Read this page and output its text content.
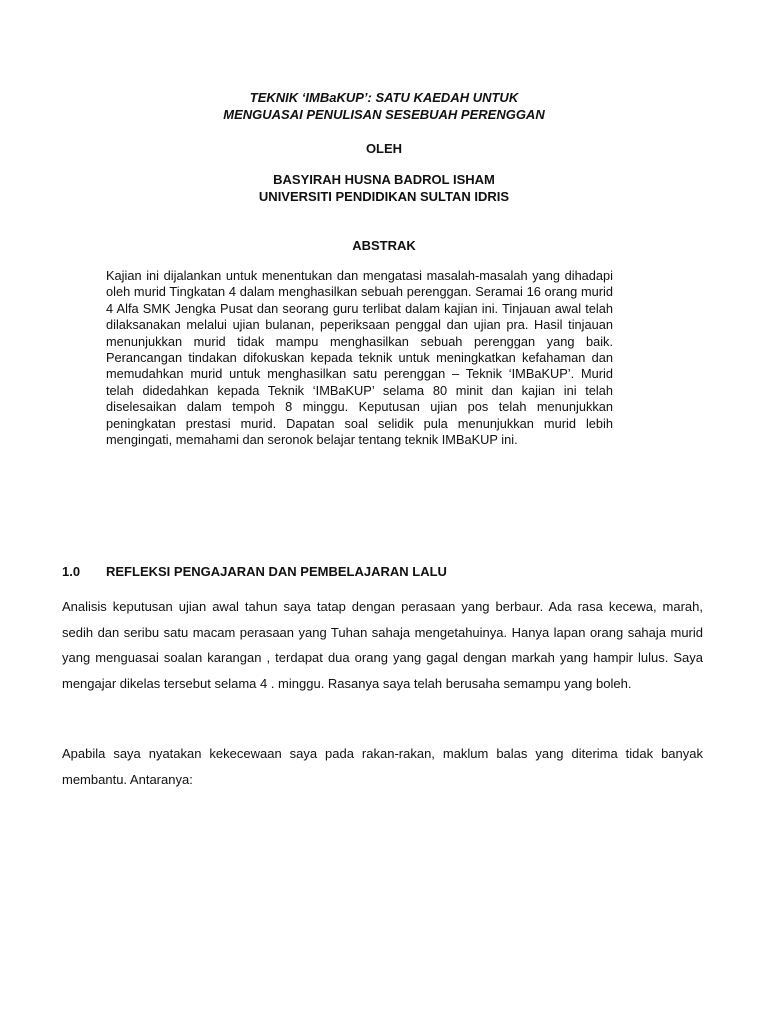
TEKNIK ‘IMBaKUP’: SATU KAEDAH UNTUK
MENGUASAI PENULISAN SESEBUAH PERENGGAN
OLEH
BASYIRAH HUSNA BADROL ISHAM
UNIVERSITI PENDIDIKAN SULTAN IDRIS
ABSTRAK

Kajian ini dijalankan untuk menentukan dan mengatasi masalah-masalah yang dihadapi oleh murid Tingkatan 4 dalam menghasilkan sebuah perenggan. Seramai 16 orang murid 4 Alfa SMK Jengka Pusat dan seorang guru terlibat dalam kajian ini. Tinjauan awal telah dilaksanakan melalui ujian bulanan, peperiksaan penggal dan ujian pra. Hasil tinjauan menunjukkan murid tidak mampu menghasilkan sebuah perenggan yang baik. Perancangan tindakan difokuskan kepada teknik untuk meningkatkan kefahaman dan memudahkan murid untuk menghasilkan satu perenggan – Teknik ‘IMBaKUP’. Murid telah didedahkan kepada Teknik ‘IMBaKUP’ selama 80 minit dan kajian ini telah diselesaikan dalam tempoh 8 minggu. Keputusan ujian pos telah menunjukkan peningkatan prestasi murid. Dapatan soal selidik pula menunjukkan murid lebih mengingati, memahami dan seronok belajar tentang teknik IMBaKUP ini.

1.0 REFLEKSI PENGAJARAN DAN PEMBELAJARAN LALU

Analisis keputusan ujian awal tahun saya tatap dengan perasaan yang berbaur. Ada rasa kecewa, marah, sedih dan seribu satu macam perasaan yang Tuhan sahaja mengetahuinya. Hanya lapan orang sahaja murid yang menguasai soalan karangan , terdapat dua orang yang gagal dengan markah yang hampir lulus. Saya mengajar dikelas tersebut selama 4 . minggu. Rasanya saya telah berusaha semampu yang boleh.

Apabila saya nyatakan kekecewaan saya pada rakan-rakan, maklum balas yang diterima tidak banyak membantu. Antaranya:
